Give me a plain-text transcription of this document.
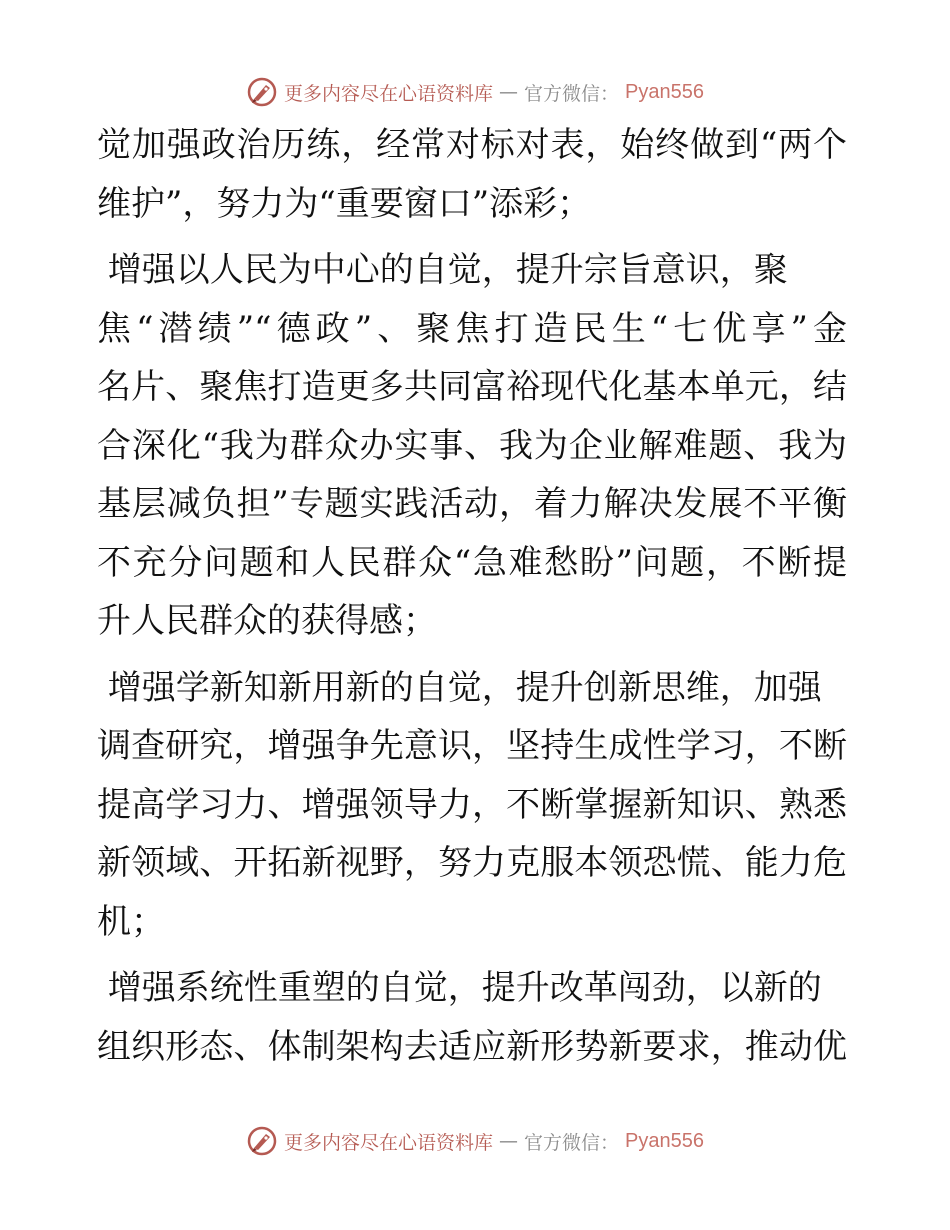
更多内容尽在心语资料库 — 官方微信： Pyan556

觉加强政治历练，经常对标对表，始终做到“两个
维护”，努力为“重要窗口”添彩；

增强以人民为中心的自觉，提升宗旨意识，聚
焦“潜绩”“德政”、聚焦打造民生“七优享”金
名片、聚焦打造更多共同富裕现代化基本单元，结
合深化“我为群众办实事、我为企业解难题、我为
基层减负担”专题实践活动，着力解决发展不平衡
不充分问题和人民群众“急难愁盼”问题，不断提
升人民群众的获得感；

增强学新知新用新的自觉，提升创新思维，加强
调查研究，增强争先意识，坚持生成性学习，不断
提高学习力、增强领导力，不断掌握新知识、熟悉
新领域、开拓新视野，努力克服本领恐慌、能力危
机；

增强系统性重塑的自觉，提升改革闯劲，以新的
组织形态、体制架构去适应新形势新要求，推动优

更多内容尽在心语资料库 — 官方微信： Pyan556
